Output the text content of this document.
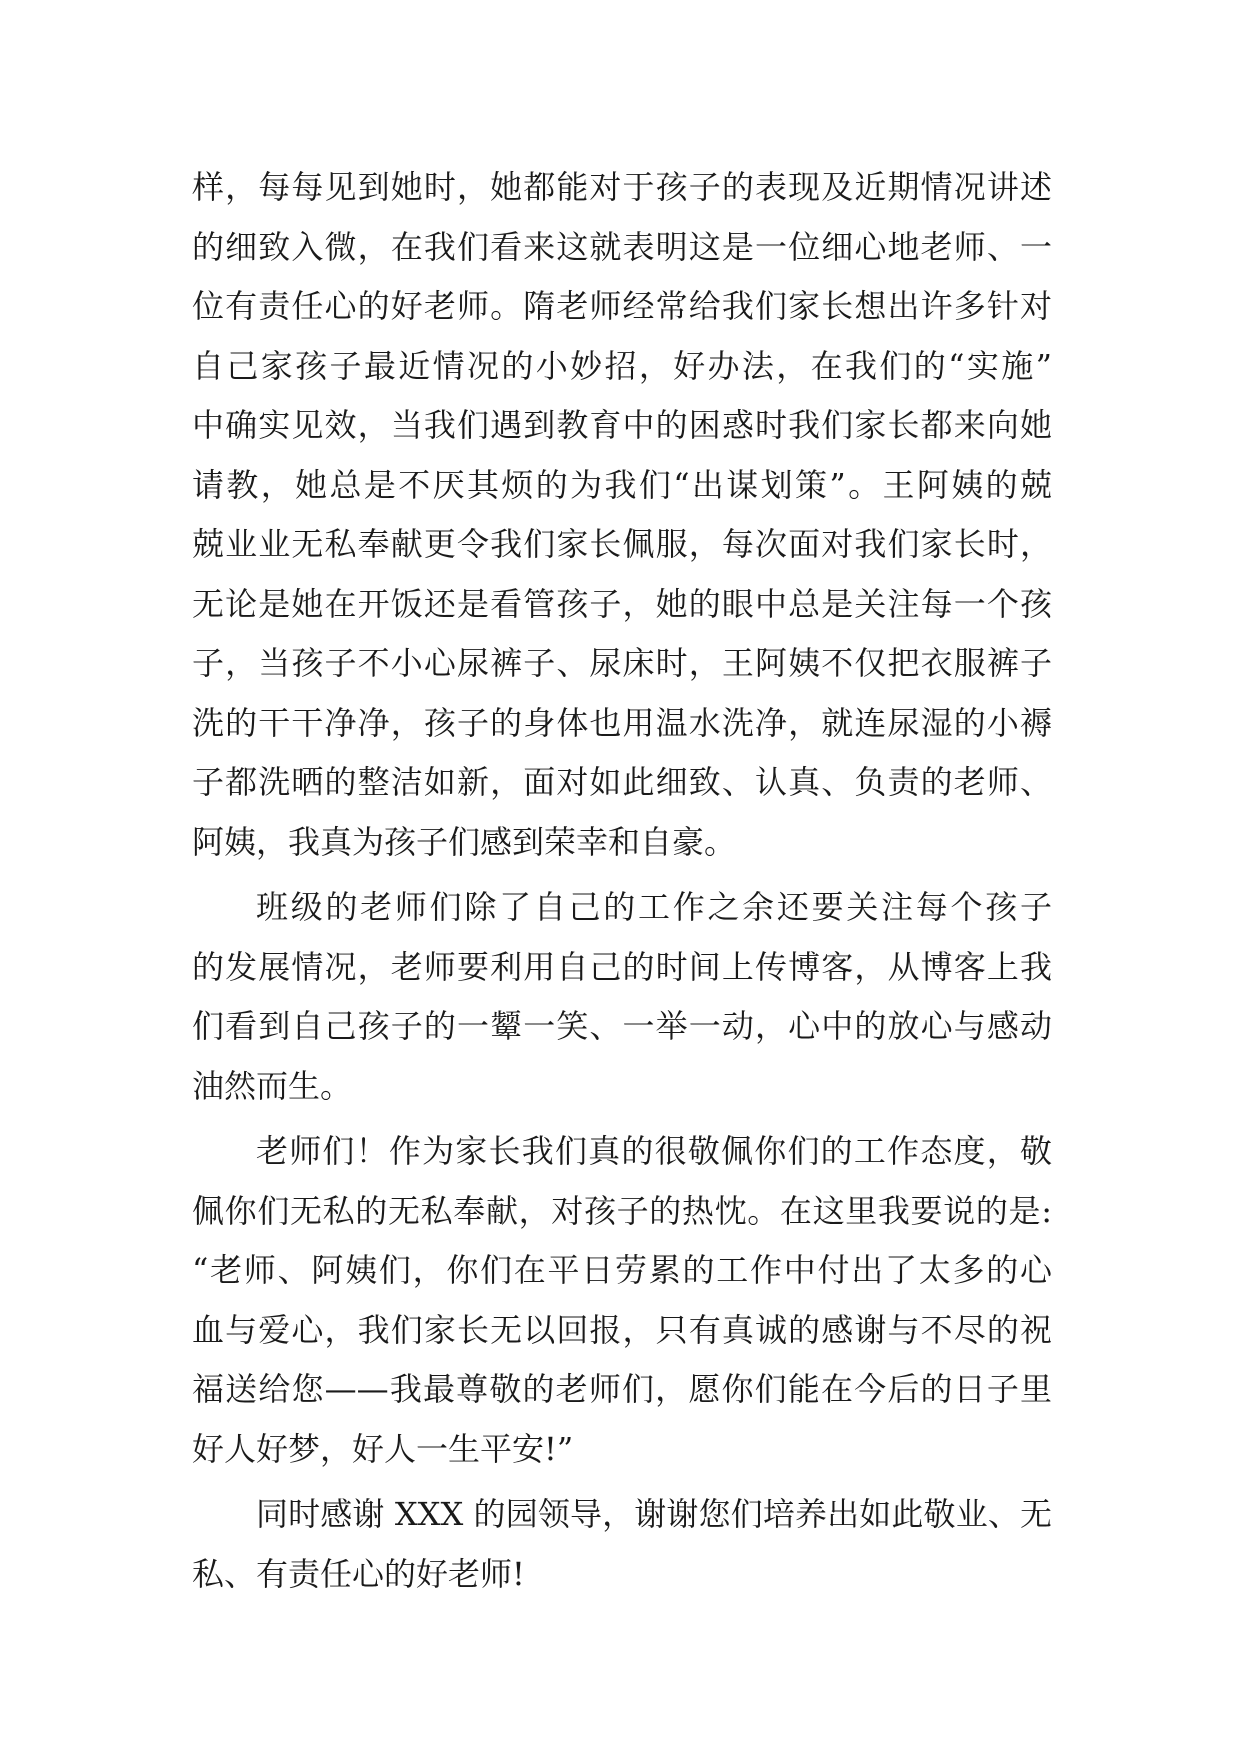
样，每每见到她时，她都能对于孩子的表现及近期情况讲述
的细致入微，在我们看来这就表明这是一位细心地老师、一
位有责任心的好老师。隋老师经常给我们家长想出许多针对
自己家孩子最近情况的小妙招，好办法，在我们的“实施”
中确实见效，当我们遇到教育中的困惑时我们家长都来向她
请教，她总是不厌其烦的为我们“出谋划策”。王阿姨的兢
兢业业无私奉献更令我们家长佩服，每次面对我们家长时，
无论是她在开饭还是看管孩子，她的眼中总是关注每一个孩
子，当孩子不小心尿裤子、尿床时，王阿姨不仅把衣服裤子
洗的干干净净，孩子的身体也用温水洗净，就连尿湿的小褥
子都洗晒的整洁如新，面对如此细致、认真、负责的老师、
阿姨，我真为孩子们感到荣幸和自豪。
班级的老师们除了自己的工作之余还要关注每个孩子
的发展情况，老师要利用自己的时间上传博客，从博客上我
们看到自己孩子的一颦一笑、一举一动，心中的放心与感动
油然而生。
老师们！作为家长我们真的很敬佩你们的工作态度，敬
佩你们无私的无私奉献，对孩子的热忱。在这里我要说的是:
“老师、阿姨们，你们在平日劳累的工作中付出了太多的心
血与爱心，我们家长无以回报，只有真诚的感谢与不尽的祝
福送给您——我最尊敬的老师们，愿你们能在今后的日子里
好人好梦，好人一生平安!”
同时感谢 XXX 的园领导，谢谢您们培养出如此敬业、无
私、有责任心的好老师!
